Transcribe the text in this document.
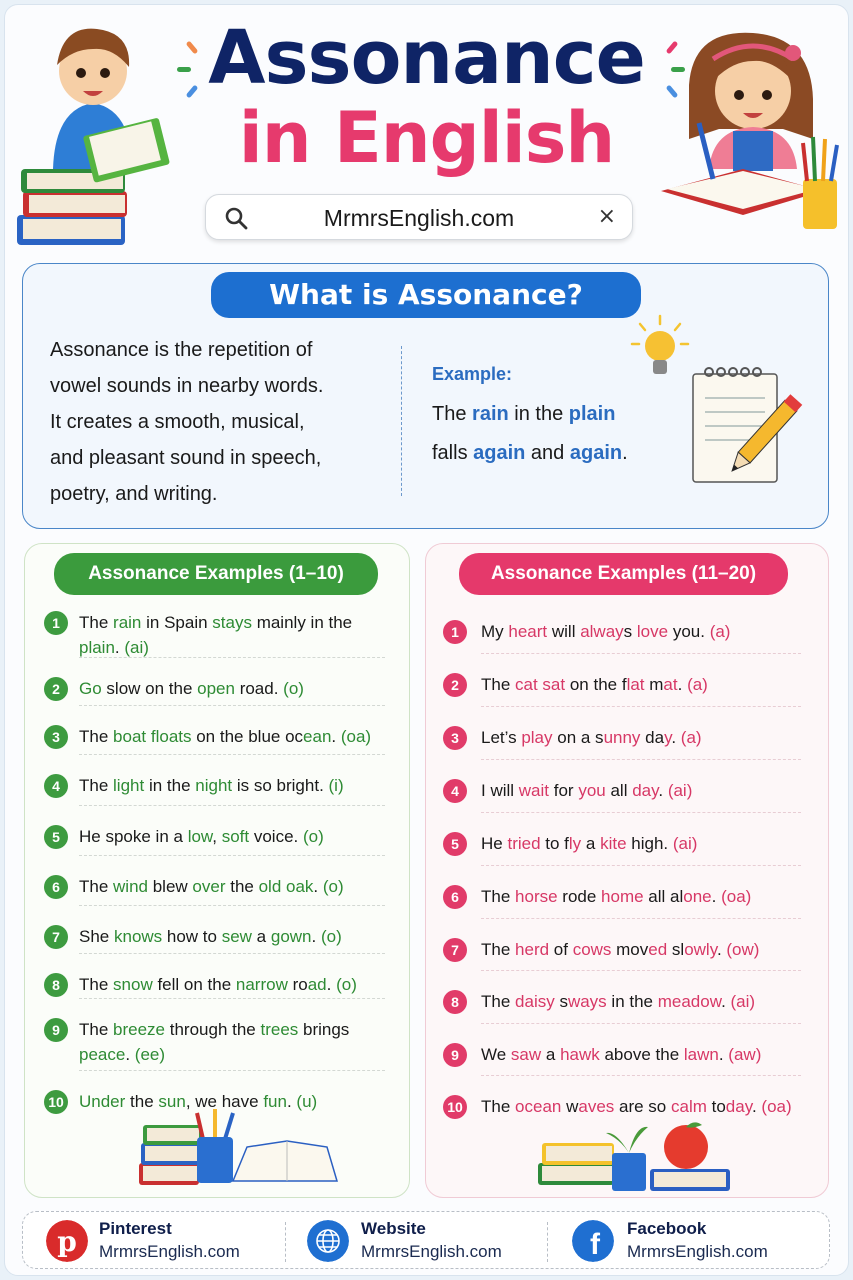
Assonance
in English
MrmrsEnglish.com	×
What is Assonance?
Assonance is the repetition of
vowel sounds in nearby words.
It creates a smooth, musical,
and pleasant sound in speech,
poetry, and writing.
Example:
The rain in the plain
falls again and again.
Assonance Examples (1–10)
1	The rain in Spain stays mainly in the plain. (ai)
2	Go slow on the open road. (o)
3	The boat floats on the blue ocean. (oa)
4	The light in the night is so bright. (i)
5	He spoke in a low, soft voice. (o)
6	The wind blew over the old oak. (o)
7	She knows how to sew a gown. (o)
8	The snow fell on the narrow road. (o)
9	The breeze through the trees brings peace. (ee)
10 Under the sun, we have fun. (u)
Assonance Examples (11–20)
1	My heart will always love you. (a)
2	The cat sat on the flat mat. (a)
3	Let’s play on a sunny day. (a)
4	I will wait for you all day. (ai)
5	He tried to fly a kite high. (ai)
6	The horse rode home all alone. (oa)
7	The herd of cows moved slowly. (ow)
8	The daisy sways in the meadow. (ai)
9	We saw a hawk above the lawn. (aw)
10 The ocean waves are so calm today. (oa)
p Pinterest
MrmrsEnglish.com
Website
MrmrsEnglish.com	f Facebook
MrmrsEnglish.com
